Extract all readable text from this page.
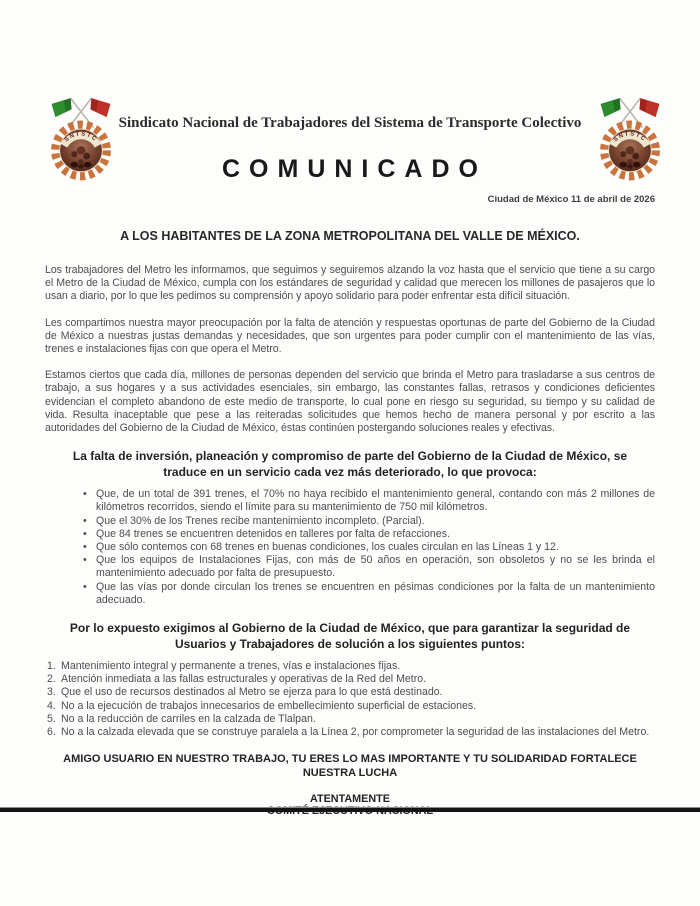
Sindicato Nacional de Trabajadores del Sistema de Transporte Colectivo
COMUNICADO
Ciudad de México 11 de abril de 2026
A LOS HABITANTES DE LA ZONA METROPOLITANA DEL VALLE DE MÉXICO.

Los trabajadores del Metro les informamos, que seguimos y seguiremos alzando la voz hasta que el servicio que tiene a su cargo el Metro de la Ciudad de México, cumpla con los estándares de seguridad y calidad que merecen los millones de pasajeros que lo usan a diario, por lo que les pedimos su comprensión y apoyo solidario para poder enfrentar esta difícil situación.

Les compartimos nuestra mayor preocupación por la falta de atención y respuestas oportunas de parte del Gobierno de la Ciudad de México a nuestras justas demandas y necesidades, que son urgentes para poder cumplir con el mantenimiento de las vías, trenes e instalaciones fijas con que opera el Metro.

Estamos ciertos que cada día, millones de personas dependen del servicio que brinda el Metro para trasladarse a sus centros de trabajo, a sus hogares y a sus actividades esenciales, sin embargo, las constantes fallas, retrasos y condiciones deficientes evidencian el completo abandono de este medio de transporte, lo cual pone en riesgo su seguridad, su tiempo y su calidad de vida. Resulta inaceptable que pese a las reiteradas solicitudes que hemos hecho de manera personal y por escrito a las autoridades del Gobierno de la Ciudad de México, éstas continúen postergando soluciones reales y efectivas.

La falta de inversión, planeación y compromiso de parte del Gobierno de la Ciudad de México, se traduce en un servicio cada vez más deteriorado, lo que provoca:
• Que, de un total de 391 trenes, el 70% no haya recibido el mantenimiento general, contando con más 2 millones de kilómetros recorridos, siendo el límite para su mantenimiento de 750 mil kilómetros.
• Que el 30% de los Trenes recibe mantenimiento incompleto. (Parcial).
• Que 84 trenes se encuentren detenidos en talleres por falta de refacciones.
• Que sólo contemos con 68 trenes en buenas condiciones, los cuales circulan en las Líneas 1 y 12.
• Que los equipos de Instalaciones Fijas, con más de 50 años en operación, son obsoletos y no se les brinda el mantenimiento adecuado por falta de presupuesto.
• Que las vías por donde circulan los trenes se encuentren en pésimas condiciones por la falta de un mantenimiento adecuado.
Por lo expuesto exigimos al Gobierno de la Ciudad de México, que para garantizar la seguridad de Usuarios y Trabajadores de solución a los siguientes puntos:
1. Mantenimiento integral y permanente a trenes, vías e instalaciones fijas.
2. Atención inmediata a las fallas estructurales y operativas de la Red del Metro.
3. Que el uso de recursos destinados al Metro se ejerza para lo que está destinado.
4. No a la ejecución de trabajos innecesarios de embellecimiento superficial de estaciones.
5. No a la reducción de carriles en la calzada de Tlalpan.
6. No a la calzada elevada que se construye paralela a la Línea 2, por comprometer la seguridad de las instalaciones del Metro.
AMIGO USUARIO EN NUESTRO TRABAJO, TU ERES LO MAS IMPORTANTE Y TU SOLIDARIDAD FORTALECE NUESTRA LUCHA
ATENTAMENTE
